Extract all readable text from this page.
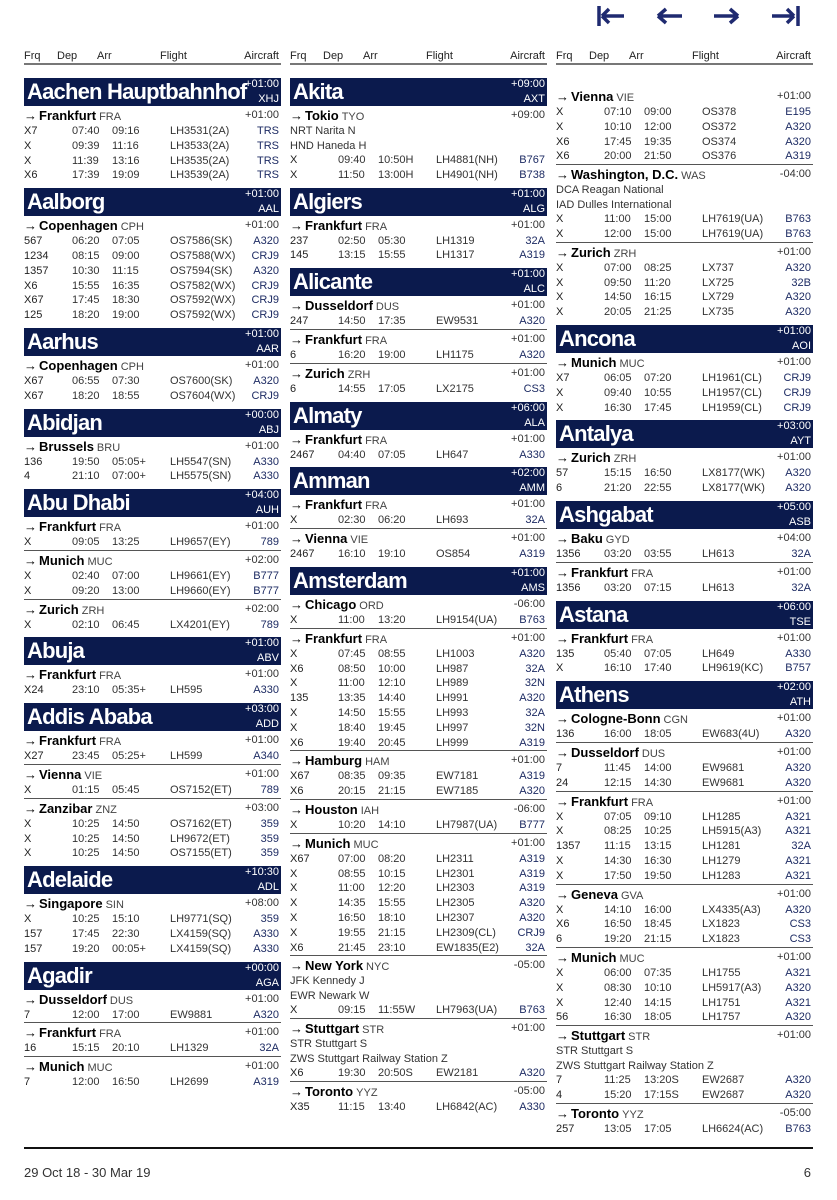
Frq Dep Arr	Flight	Aircraft
Aachen Hauptbahnhof
+01:00
XHJ
→ Frankfurt FRA	+01:00
X7	07:40 09:16	LH3531(2A)	TRS
X	09:39 11:16	LH3533(2A)	TRS
X	11:39 13:16	LH3535(2A)	TRS
X6	17:39 19:09	LH3539(2A)	TRS
Aalborg	+01:00
AAL
→ Copenhagen CPH	+01:00
567	06:20 07:05	OS7586(SK) A320
1234 08:15 09:00	OS7588(WX) CRJ9
1357 10:30 11:15	OS7594(SK) A320
X6	15:55 16:35	OS7582(WX) CRJ9
X67	17:45 18:30	OS7592(WX) CRJ9
125	18:20 19:00	OS7592(WX) CRJ9
Aarhus	+01:00
AAR
→ Copenhagen CPH	+01:00
X67	06:55 07:30	OS7600(SK) A320
X67	18:20 18:55	OS7604(WX) CRJ9
Abidjan	+00:00
ABJ
→ Brussels BRU	+01:00
136	19:50 05:05+ LH5547(SN) A330
4	21:10 07:00+ LH5575(SN) A330
Abu Dhabi	+04:00
AUH
→ Frankfurt FRA	+01:00
X	09:05 13:25	LH9657(EY)	789
→ Munich MUC	+02:00
X	02:40 07:00	LH9661(EY) B777
X	09:20 13:00	LH9660(EY) B777
→ Zurich ZRH	+02:00
X	02:10 06:45	LX4201(EY)	789
Abuja	+01:00
ABV
→ Frankfurt FRA	+01:00
X24	23:10 05:35+ LH595	A330
Addis Ababa	+03:00
ADD
→ Frankfurt FRA	+01:00
X27	23:45 05:25+ LH599	A340
→ Vienna VIE	+01:00
X	01:15 05:45	OS7152(ET)	789
→ Zanzibar ZNZ	+03:00
X	10:25 14:50	OS7162(ET)	359
X	10:25 14:50	LH9672(ET)	359
X	10:25 14:50	OS7155(ET)	359
Adelaide	+10:30
ADL
→ Singapore SIN	+08:00
X	10:25 15:10	LH9771(SQ)	359
157	17:45 22:30	LX4159(SQ) A330
157	19:20 00:05+ LX4159(SQ) A330
Agadir	+00:00
AGA
→ Dusseldorf DUS	+01:00
7	12:00 17:00	EW9881	A320
→ Frankfurt FRA	+01:00
16	15:15 20:10	LH1329	32A
→ Munich MUC	+01:00
7	12:00 16:50	LH2699	A319
Frq Dep Arr	Flight	Aircraft
Akita	+09:00
AXT
→ Tokio TYO	+09:00
NRT Narita N
HND Haneda H
X	09:40 10:50H LH4881(NH) B767
X	11:50 13:00H LH4901(NH) B738
Algiers	+01:00
ALG
→ Frankfurt FRA	+01:00
237	02:50 05:30	LH1319	32A
145	13:15 15:55	LH1317	A319
Alicante	+01:00
ALC
→ Dusseldorf DUS	+01:00
247	14:50 17:35	EW9531	A320
→ Frankfurt FRA	+01:00
6	16:20 19:00	LH1175	A320
→ Zurich ZRH	+01:00
6	14:55 17:05	LX2175	CS3
Almaty	+06:00
ALA
→ Frankfurt FRA	+01:00
2467 04:40 07:05	LH647	A330
Amman	+02:00
AMM
→ Frankfurt FRA	+01:00
X	02:30 06:20	LH693	32A
→ Vienna VIE	+01:00
2467 16:10 19:10	OS854	A319
Amsterdam	+01:00
AMS
→ Chicago ORD	-06:00
X	11:00 13:20	LH9154(UA) B763
→ Frankfurt FRA	+01:00
X	07:45 08:55	LH1003	A320
X6	08:50 10:00	LH987	32A
X	11:00 12:10	LH989	32N
135	13:35 14:40	LH991	A320
X	14:50 15:55	LH993	32A
X	18:40 19:45	LH997	32N
X6	19:40 20:45	LH999	A319
→ Hamburg HAM	+01:00
X67	08:35 09:35	EW7181	A319
X6	20:15 21:15	EW7185	A320
→ Houston IAH	-06:00
X	10:20 14:10	LH7987(UA) B777
→ Munich MUC	+01:00
X67	07:00 08:20	LH2311	A319
X	08:55 10:15	LH2301	A319
X	11:00 12:20	LH2303	A319
X	14:35 15:55	LH2305	A320
X	16:50 18:10	LH2307	A320
X	19:55 21:15	LH2309(CL) CRJ9
X6	21:45 23:10	EW1835(E2) 32A
→ New York NYC	-05:00
JFK Kennedy J
EWR Newark W
X	09:15 11:55W LH7963(UA) B763
→ Stuttgart STR	+01:00
STR Stuttgart S
ZWS Stuttgart Railway Station Z
X6	19:30 20:50S EW2181	A320
→ Toronto YYZ	-05:00
X35	11:15 13:40	LH6842(AC) A330
Frq Dep Arr	Flight	Aircraft
→ Vienna VIE	+01:00
X	07:10 09:00	OS378	E195
X	10:10 12:00	OS372	A320
X6	17:45 19:35	OS374	A320
X6	20:00 21:50	OS376	A319
→ Washington, D.C. WAS	-04:00
DCA Reagan National
IAD Dulles International
X	11:00 15:00	LH7619(UA) B763
X	12:00 15:00	LH7619(UA) B763
→ Zurich ZRH	+01:00
X	07:00 08:25	LX737	A320
X	09:50 11:20	LX725	32B
X	14:50 16:15	LX729	A320
X	20:05 21:25	LX735	A320
Ancona	+01:00
AOI
→ Munich MUC	+01:00
X7	06:05 07:20	LH1961(CL) CRJ9
X	09:40 10:55	LH1957(CL) CRJ9
X	16:30 17:45	LH1959(CL) CRJ9
Antalya	+03:00
AYT
→ Zurich ZRH	+01:00
57	15:15 16:50	LX8177(WK) A320
6	21:20 22:55	LX8177(WK) A320
Ashgabat	+05:00
ASB
→ Baku GYD	+04:00
1356 03:20 03:55	LH613	32A
→ Frankfurt FRA	+01:00
1356 03:20 07:15	LH613	32A
Astana	+06:00
TSE
→ Frankfurt FRA	+01:00
135	05:40 07:05	LH649	A330
X	16:10 17:40	LH9619(KC) B757
Athens	+02:00
ATH
→ Cologne-Bonn CGN	+01:00
136	16:00 18:05	EW683(4U) A320
→ Dusseldorf DUS	+01:00
7	11:45 14:00	EW9681	A320
24	12:15 14:30	EW9681	A320
→ Frankfurt FRA	+01:00
X	07:05 09:10	LH1285	A321
X	08:25 10:25	LH5915(A3) A321
1357 11:15 13:15	LH1281	32A
X	14:30 16:30	LH1279	A321
X	17:50 19:50	LH1283	A321
→ Geneva GVA	+01:00
X	14:10 16:00	LX4335(A3) A320
X6	16:50 18:45	LX1823	CS3
6	19:20 21:15	LX1823	CS3
→ Munich MUC	+01:00
X	06:00 07:35	LH1755	A321
X	08:30 10:10	LH5917(A3) A320
X	12:40 14:15	LH1751	A321
56	16:30 18:05	LH1757	A320
→ Stuttgart STR	+01:00
STR Stuttgart S
ZWS Stuttgart Railway Station Z
7	11:25 13:20S EW2687	A320
4	15:20 17:15S EW2687	A320
→ Toronto YYZ	-05:00
257	13:05 17:05	LH6624(AC) B763
29 Oct 18 - 30 Mar 19	6
